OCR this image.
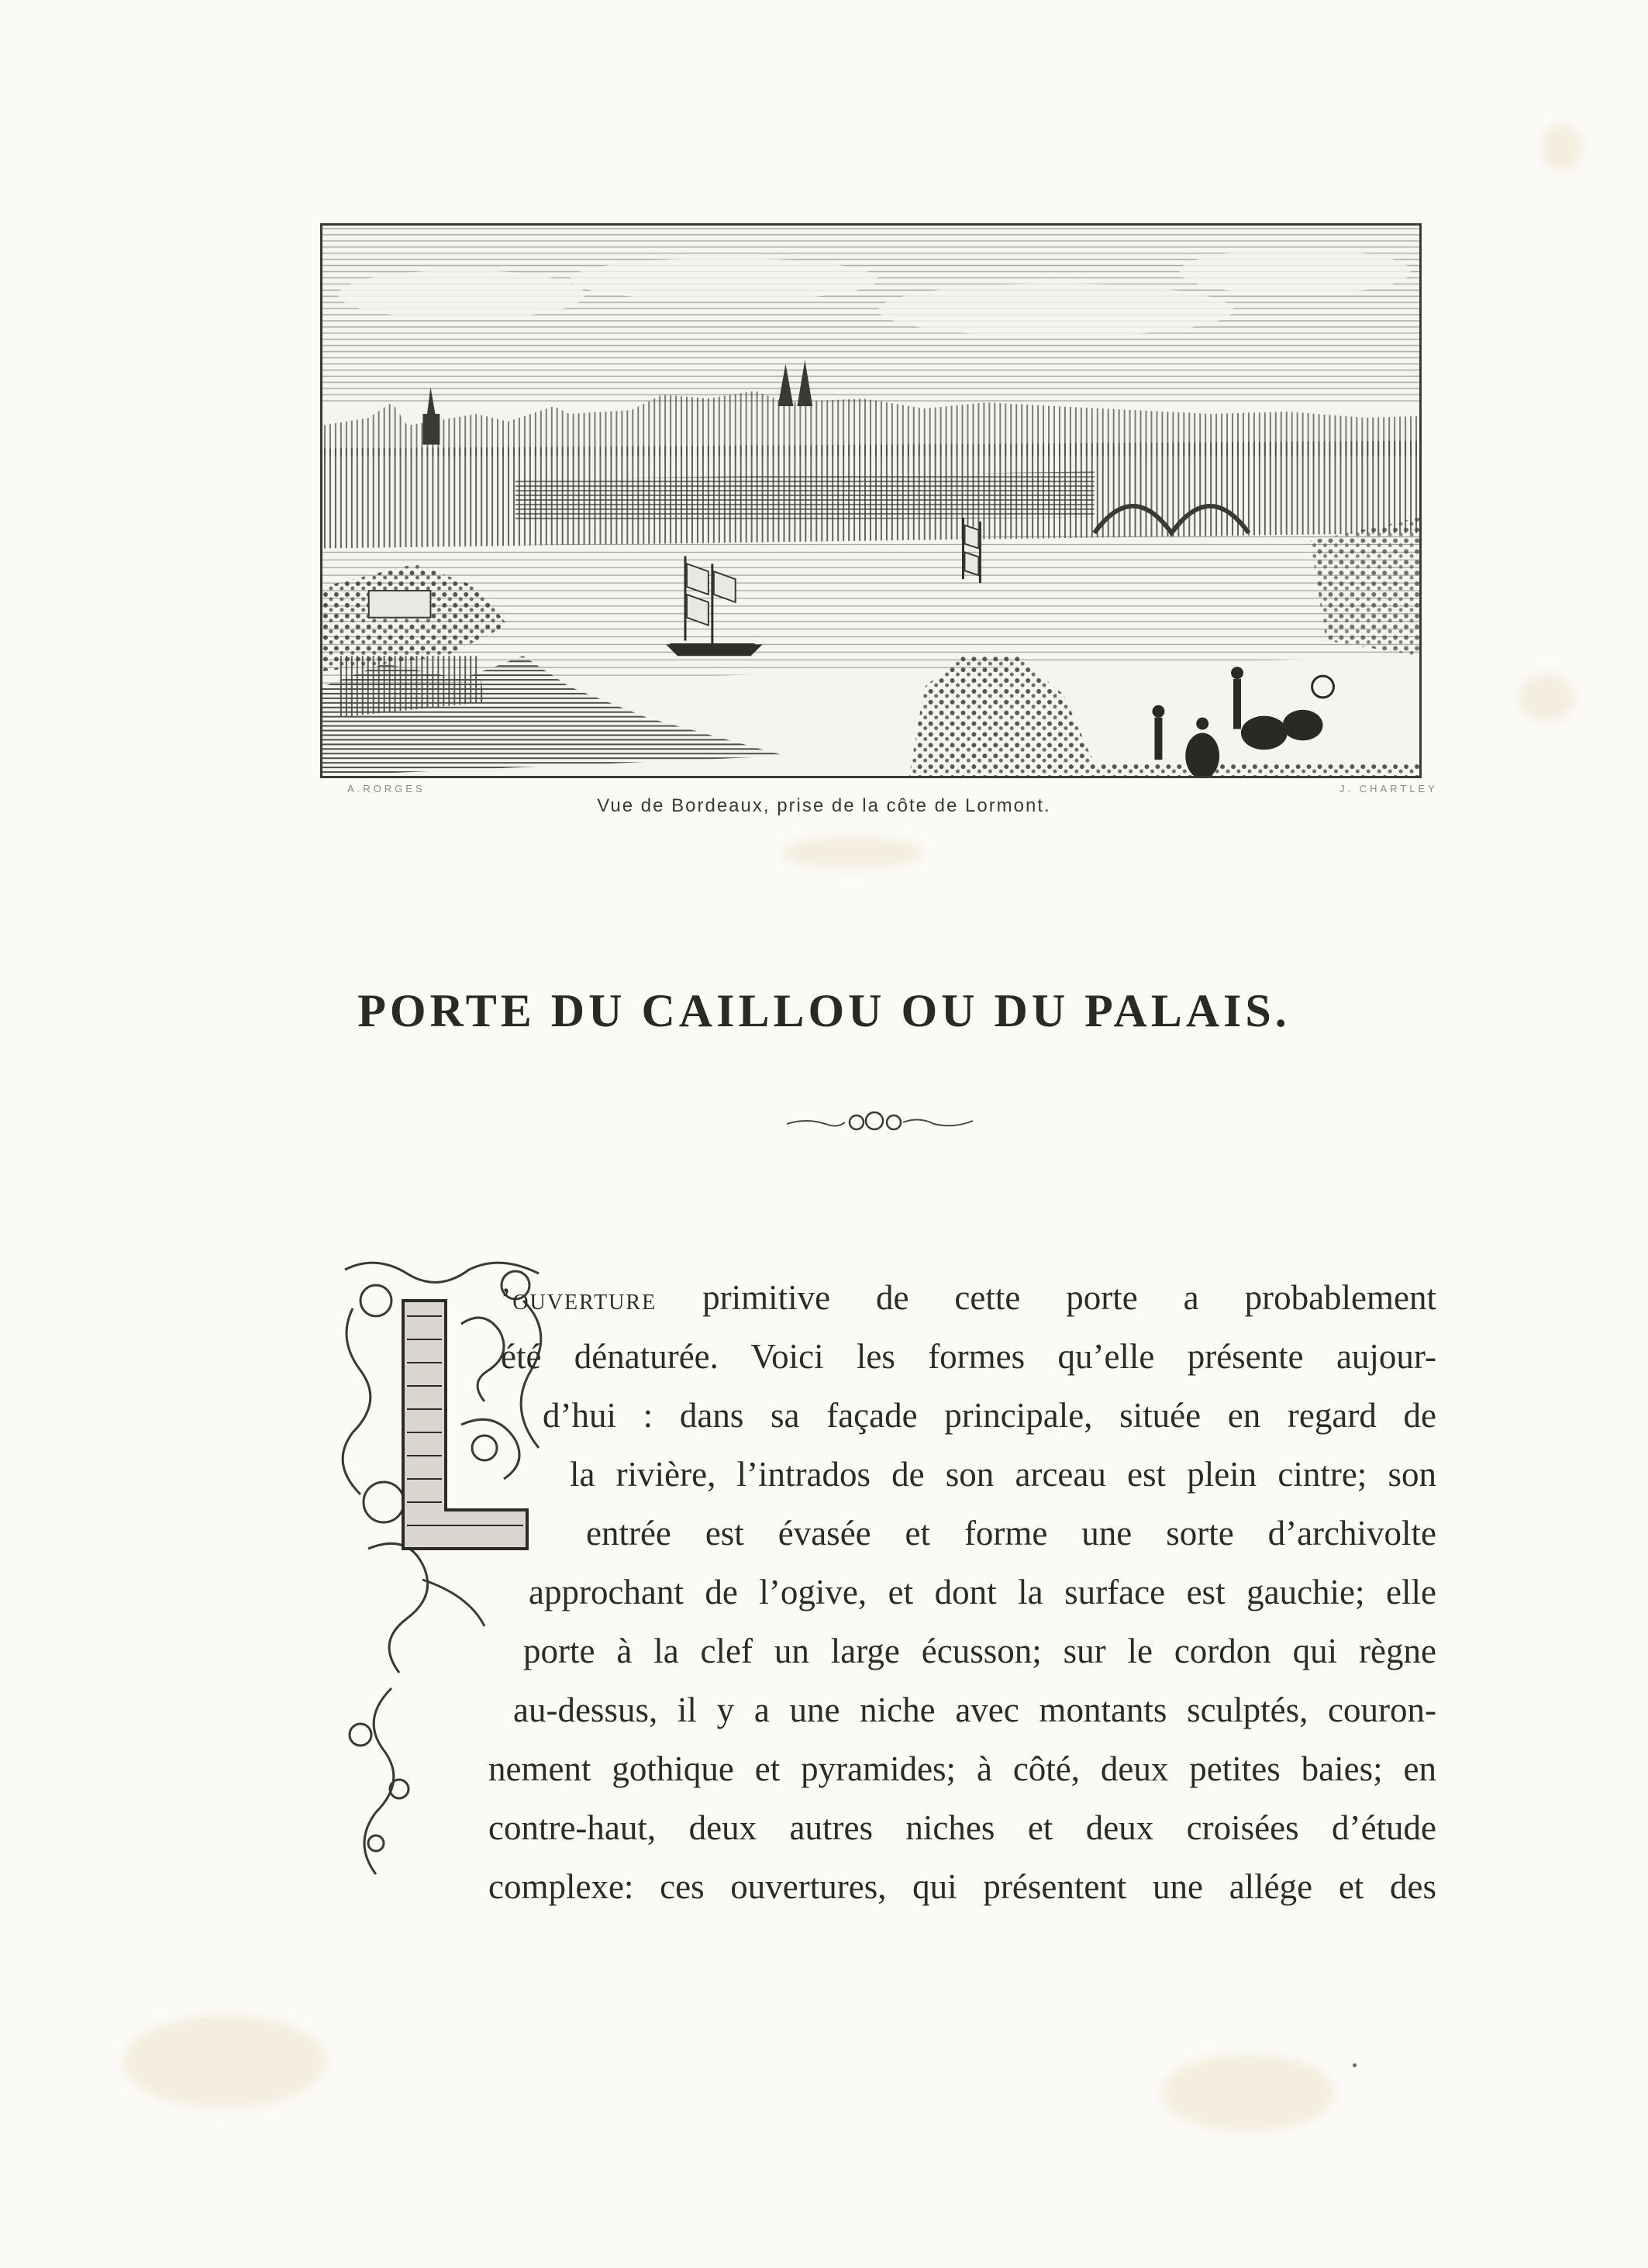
A.RORGES	J. CHARTLEY
Vue de Bordeaux, prise de la côte de Lormont.
PORTE DU CAILLOU OU DU PALAIS.
’ouverture primitive de cette porte a probablement
été dénaturée. Voici les formes qu’elle présente aujour-
d’hui : dans sa façade principale, située en regard de
la rivière, l’intrados de son arceau est plein cintre; son
entrée est évasée et forme une sorte d’archivolte
approchant de l’ogive, et dont la surface est gauchie; elle
porte à la clef un large écusson; sur le cordon qui règne
au-dessus, il y a une niche avec montants sculptés, couron-
nement gothique et pyramides; à côté, deux petites baies; en
contre-haut, deux autres niches et deux croisées d’étude
complexe: ces ouvertures, qui présentent une allége et des
